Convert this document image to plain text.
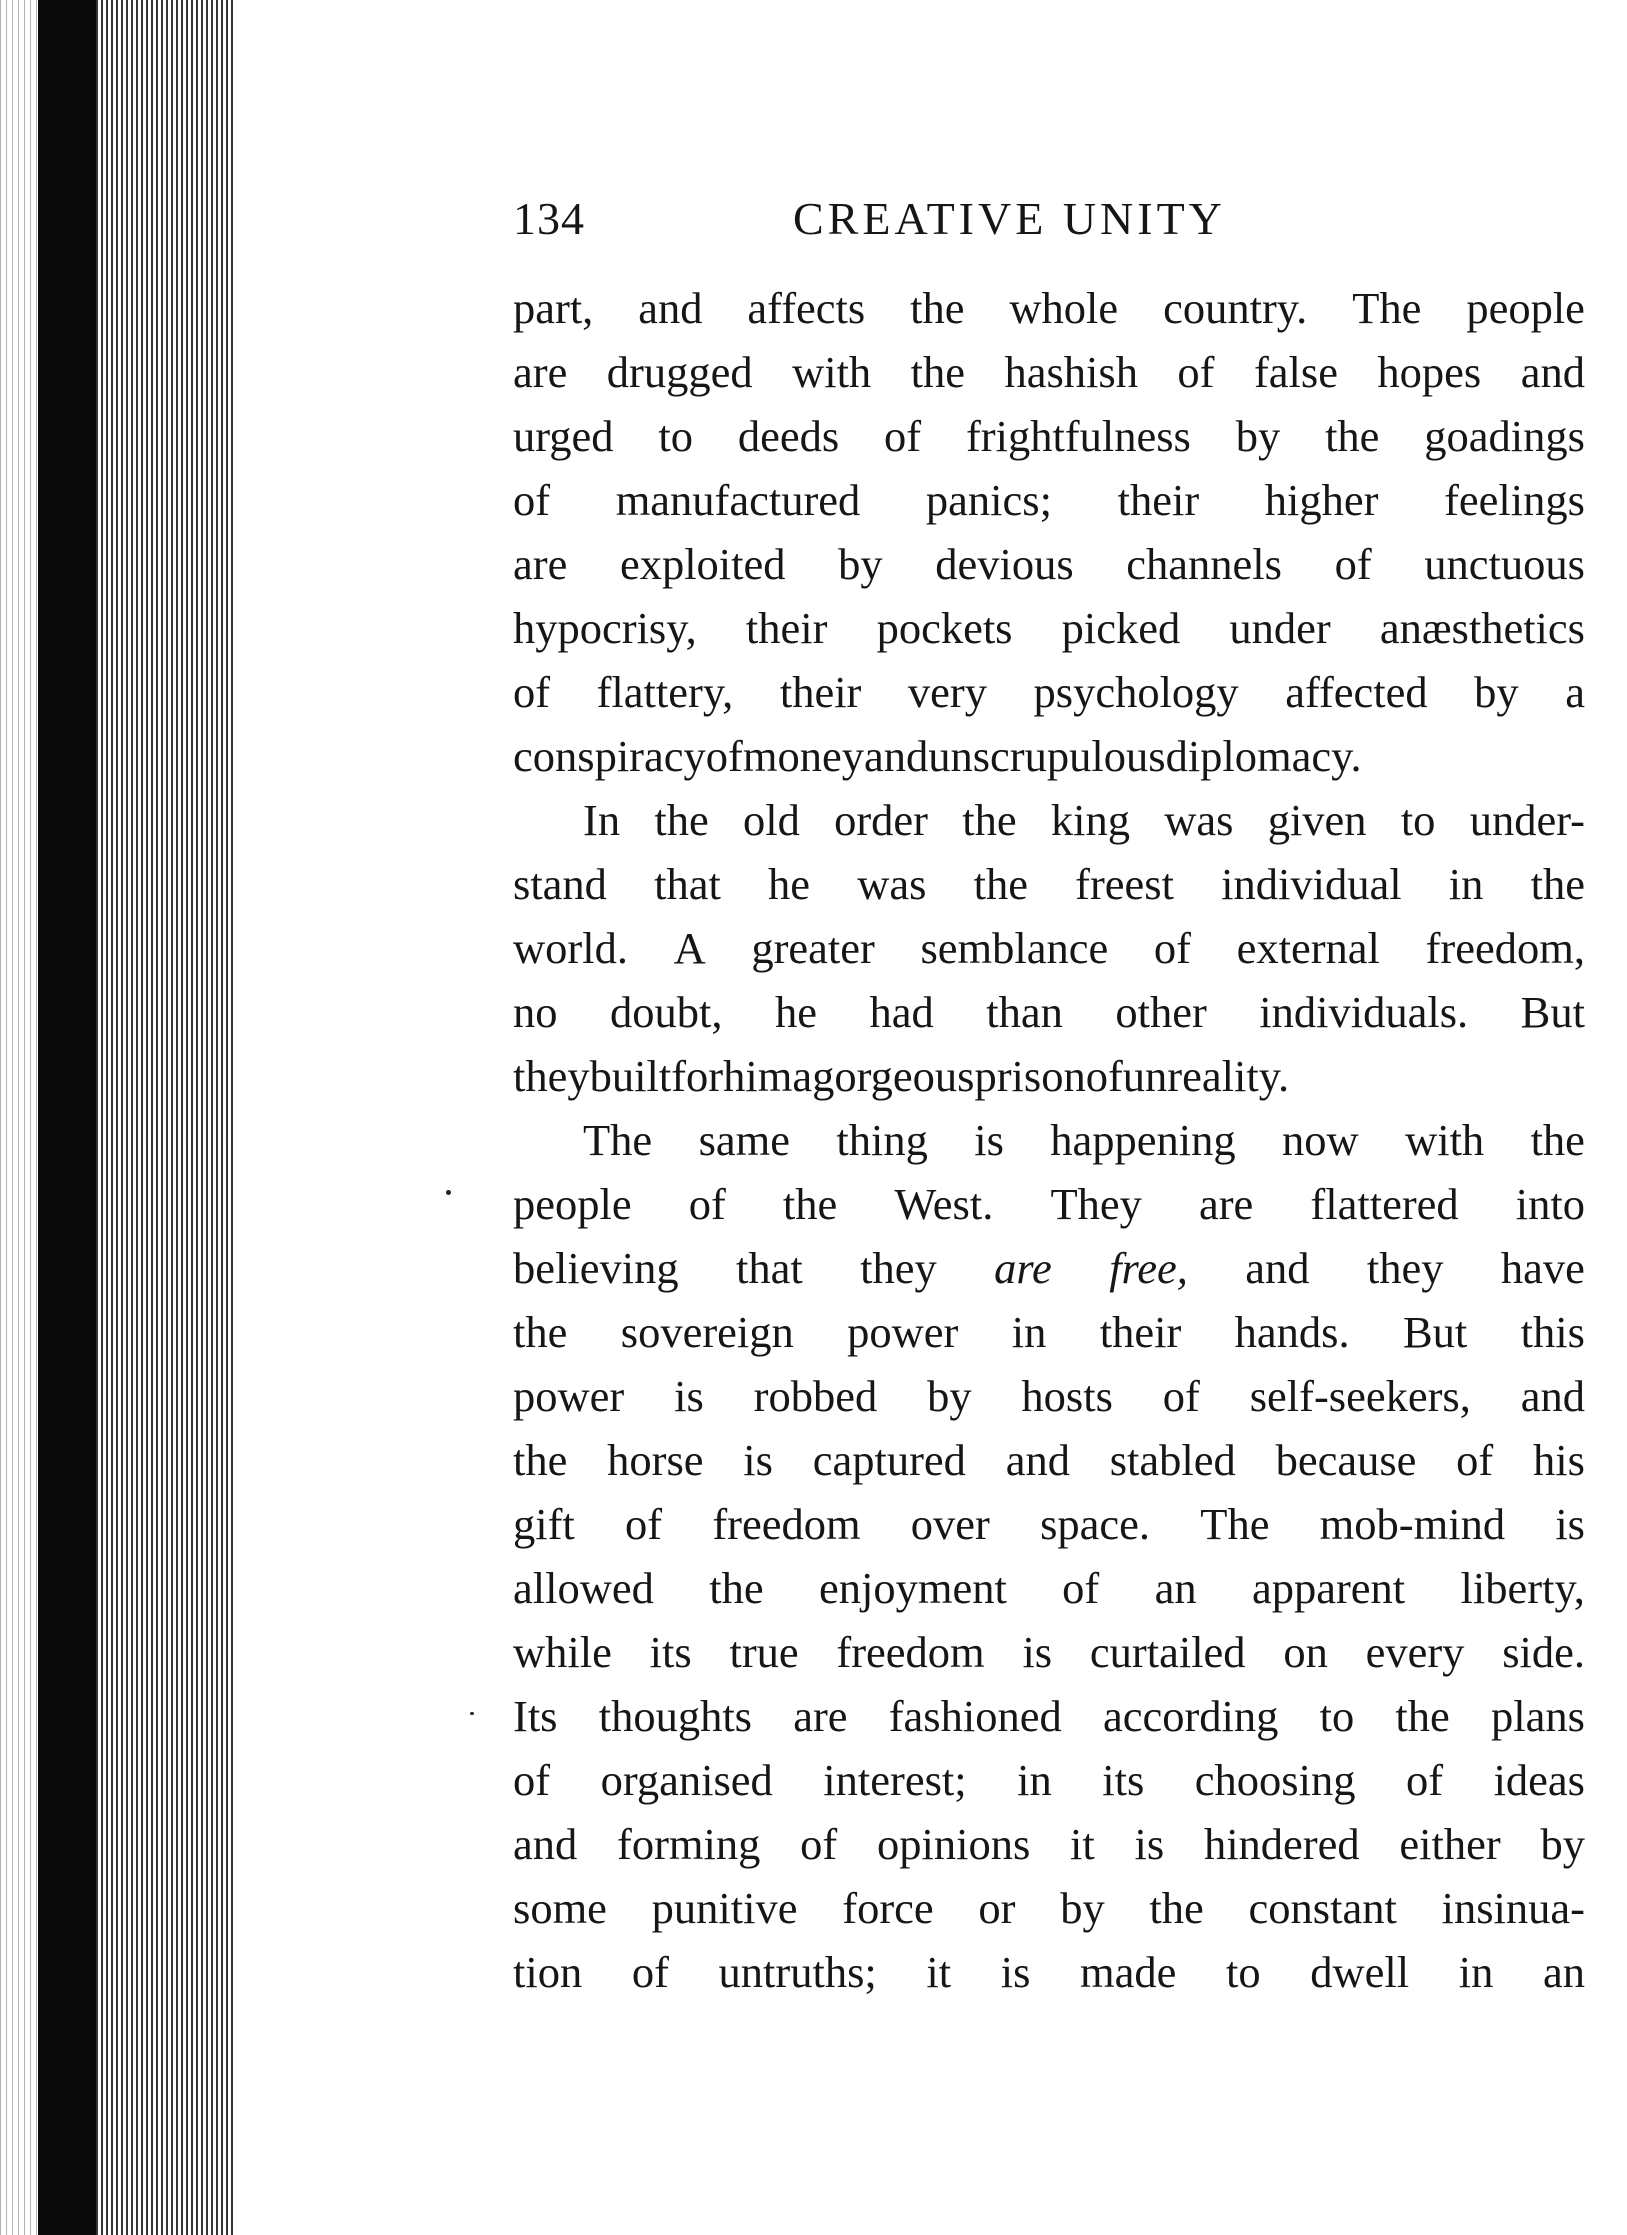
134	CREATIVE UNITY
part, and affects the whole country. The people
are drugged with the hashish of false hopes and
urged to deeds of frightfulness by the goadings
of manufactured panics; their higher feelings
are exploited by devious channels of unctuous
hypocrisy, their pockets picked under anæsthetics
of flattery, their very psychology affected by a
conspiracy of money and unscrupulous diplomacy.
In the old order the king was given to under-
stand that he was the freest individual in the
world. A greater semblance of external freedom,
no doubt, he had than other individuals. But
they built for him a gorgeous prison of unreality.
The same thing is happening now with the
people of the West. They are flattered into
believing that they are free, and they have
the sovereign power in their hands. But this
power is robbed by hosts of self-seekers, and
the horse is captured and stabled because of his
gift of freedom over space. The mob-mind is
allowed the enjoyment of an apparent liberty,
while its true freedom is curtailed on every side.
Its thoughts are fashioned according to the plans
of organised interest; in its choosing of ideas
and forming of opinions it is hindered either by
some punitive force or by the constant insinua-
tion of untruths; it is made to dwell in an
